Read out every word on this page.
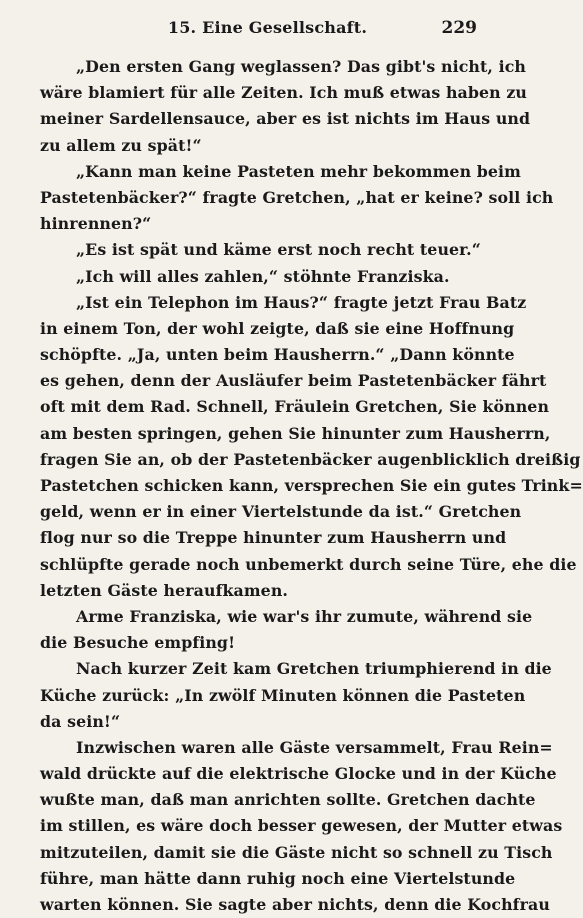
15. Eine Gesellschaft.	229
„Den ersten Gang weglassen? Das gibt's nicht, ich
wäre blamiert für alle Zeiten. Ich muß etwas haben zu
meiner Sardellensauce, aber es ist nichts im Haus und
zu allem zu spät!“
„Kann man keine Pasteten mehr bekommen beim
Pastetenbäcker?“ fragte Gretchen, „hat er keine? soll ich
hinrennen?“
„Es ist spät und käme erst noch recht teuer.“
„Ich will alles zahlen,“ stöhnte Franziska.
„Ist ein Telephon im Haus?“ fragte jetzt Frau Batz
in einem Ton, der wohl zeigte, daß sie eine Hoffnung
schöpfte. „Ja, unten beim Hausherrn.“ „Dann könnte
es gehen, denn der Ausläufer beim Pastetenbäcker fährt
oft mit dem Rad. Schnell, Fräulein Gretchen, Sie können
am besten springen, gehen Sie hinunter zum Hausherrn,
fragen Sie an, ob der Pastetenbäcker augenblicklich dreißig
Pastetchen schicken kann, versprechen Sie ein gutes Trink=
geld, wenn er in einer Viertelstunde da ist.“ Gretchen
flog nur so die Treppe hinunter zum Hausherrn und
schlüpfte gerade noch unbemerkt durch seine Türe, ehe die
letzten Gäste heraufkamen.
Arme Franziska, wie war's ihr zumute, während sie
die Besuche empfing!
Nach kurzer Zeit kam Gretchen triumphierend in die
Küche zurück: „In zwölf Minuten können die Pasteten
da sein!“
Inzwischen waren alle Gäste versammelt, Frau Rein=
wald drückte auf die elektrische Glocke und in der Küche
wußte man, daß man anrichten sollte. Gretchen dachte
im stillen, es wäre doch besser gewesen, der Mutter etwas
mitzuteilen, damit sie die Gäste nicht so schnell zu Tisch
führe, man hätte dann ruhig noch eine Viertelstunde
warten können. Sie sagte aber nichts, denn die Kochfrau
